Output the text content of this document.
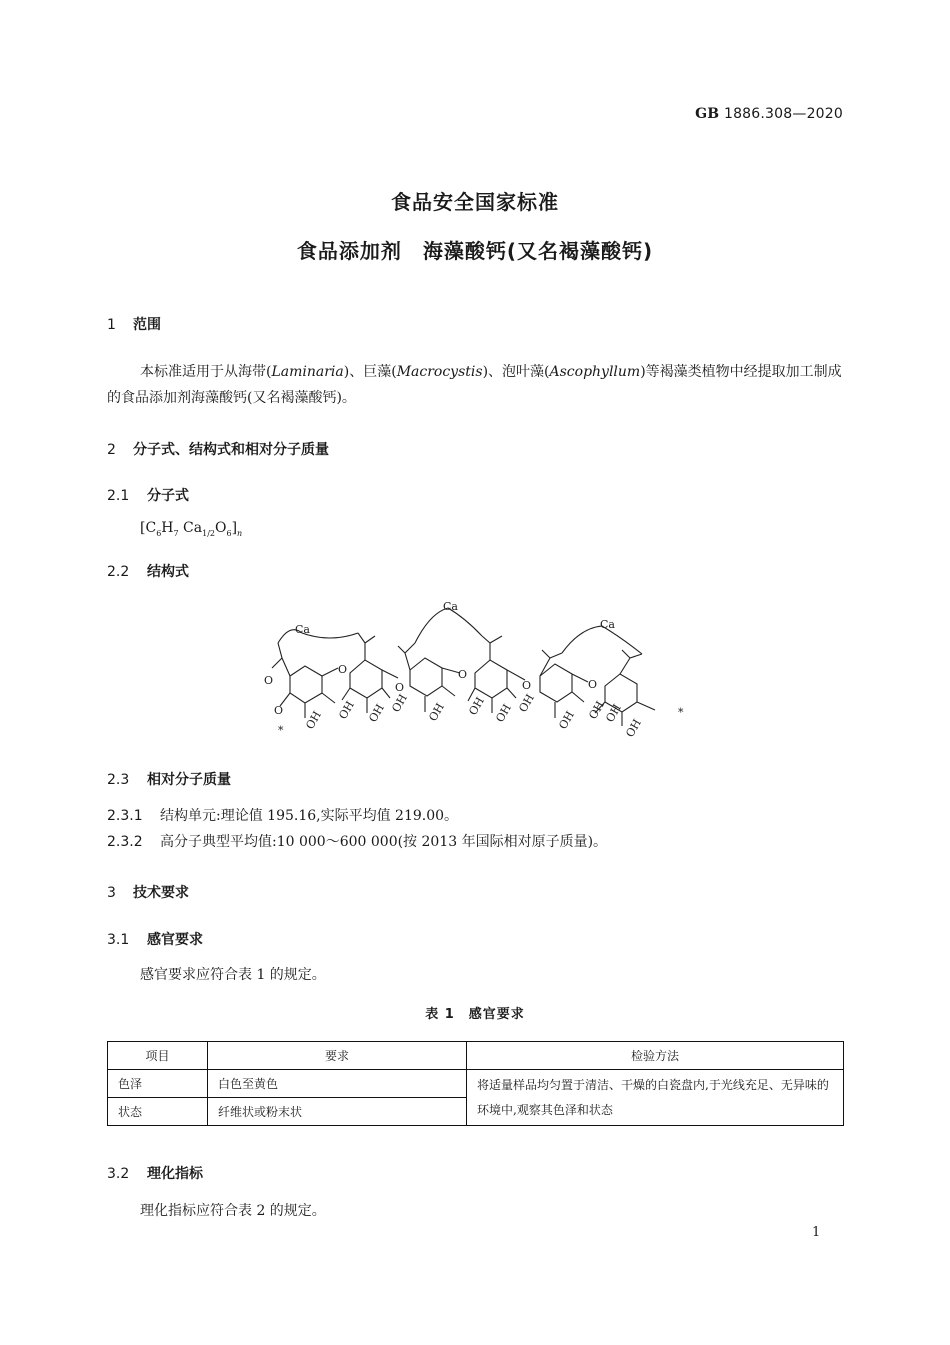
GB 1886.308—2020
食品安全国家标准
食品添加剂　海藻酸钙(又名褐藻酸钙)
1 范围
本标准适用于从海带(Laminaria)、巨藻(Macrocystis)、泡叶藻(Ascophyllum)等褐藻类植物中经提取加工制成的食品添加剂海藻酸钙(又名褐藻酸钙)。
2 分子式、结构式和相对分子质量
2.1 分子式
[$C_6H_7$ $Ca_{1/2}O_6]_n$
2.2 结构式
Ca
Ca
Ca
OH
OH	OH OH OH OH OH OH
OH OH
OH
OH
O
O
O
O
O	O
O
*
*
2.3 相对分子质量
2.3.1 结构单元:理论值 195.16,实际平均值 219.00。
2.3.2 高分子典型平均值:10 000～600 000(按 2013 年国际相对原子质量)。
3 技术要求
3.1 感官要求
感官要求应符合表 1 的规定。
表 1　感官要求
项目	要求	检验方法
色泽	白色至黄色	将适量样品均匀置于清洁、干燥的白瓷盘内,于光线充足、无异味的环境中,观察其色泽和状态
状态	纤维状或粉末状	
3.2 理化指标
理化指标应符合表 2 的规定。
1
